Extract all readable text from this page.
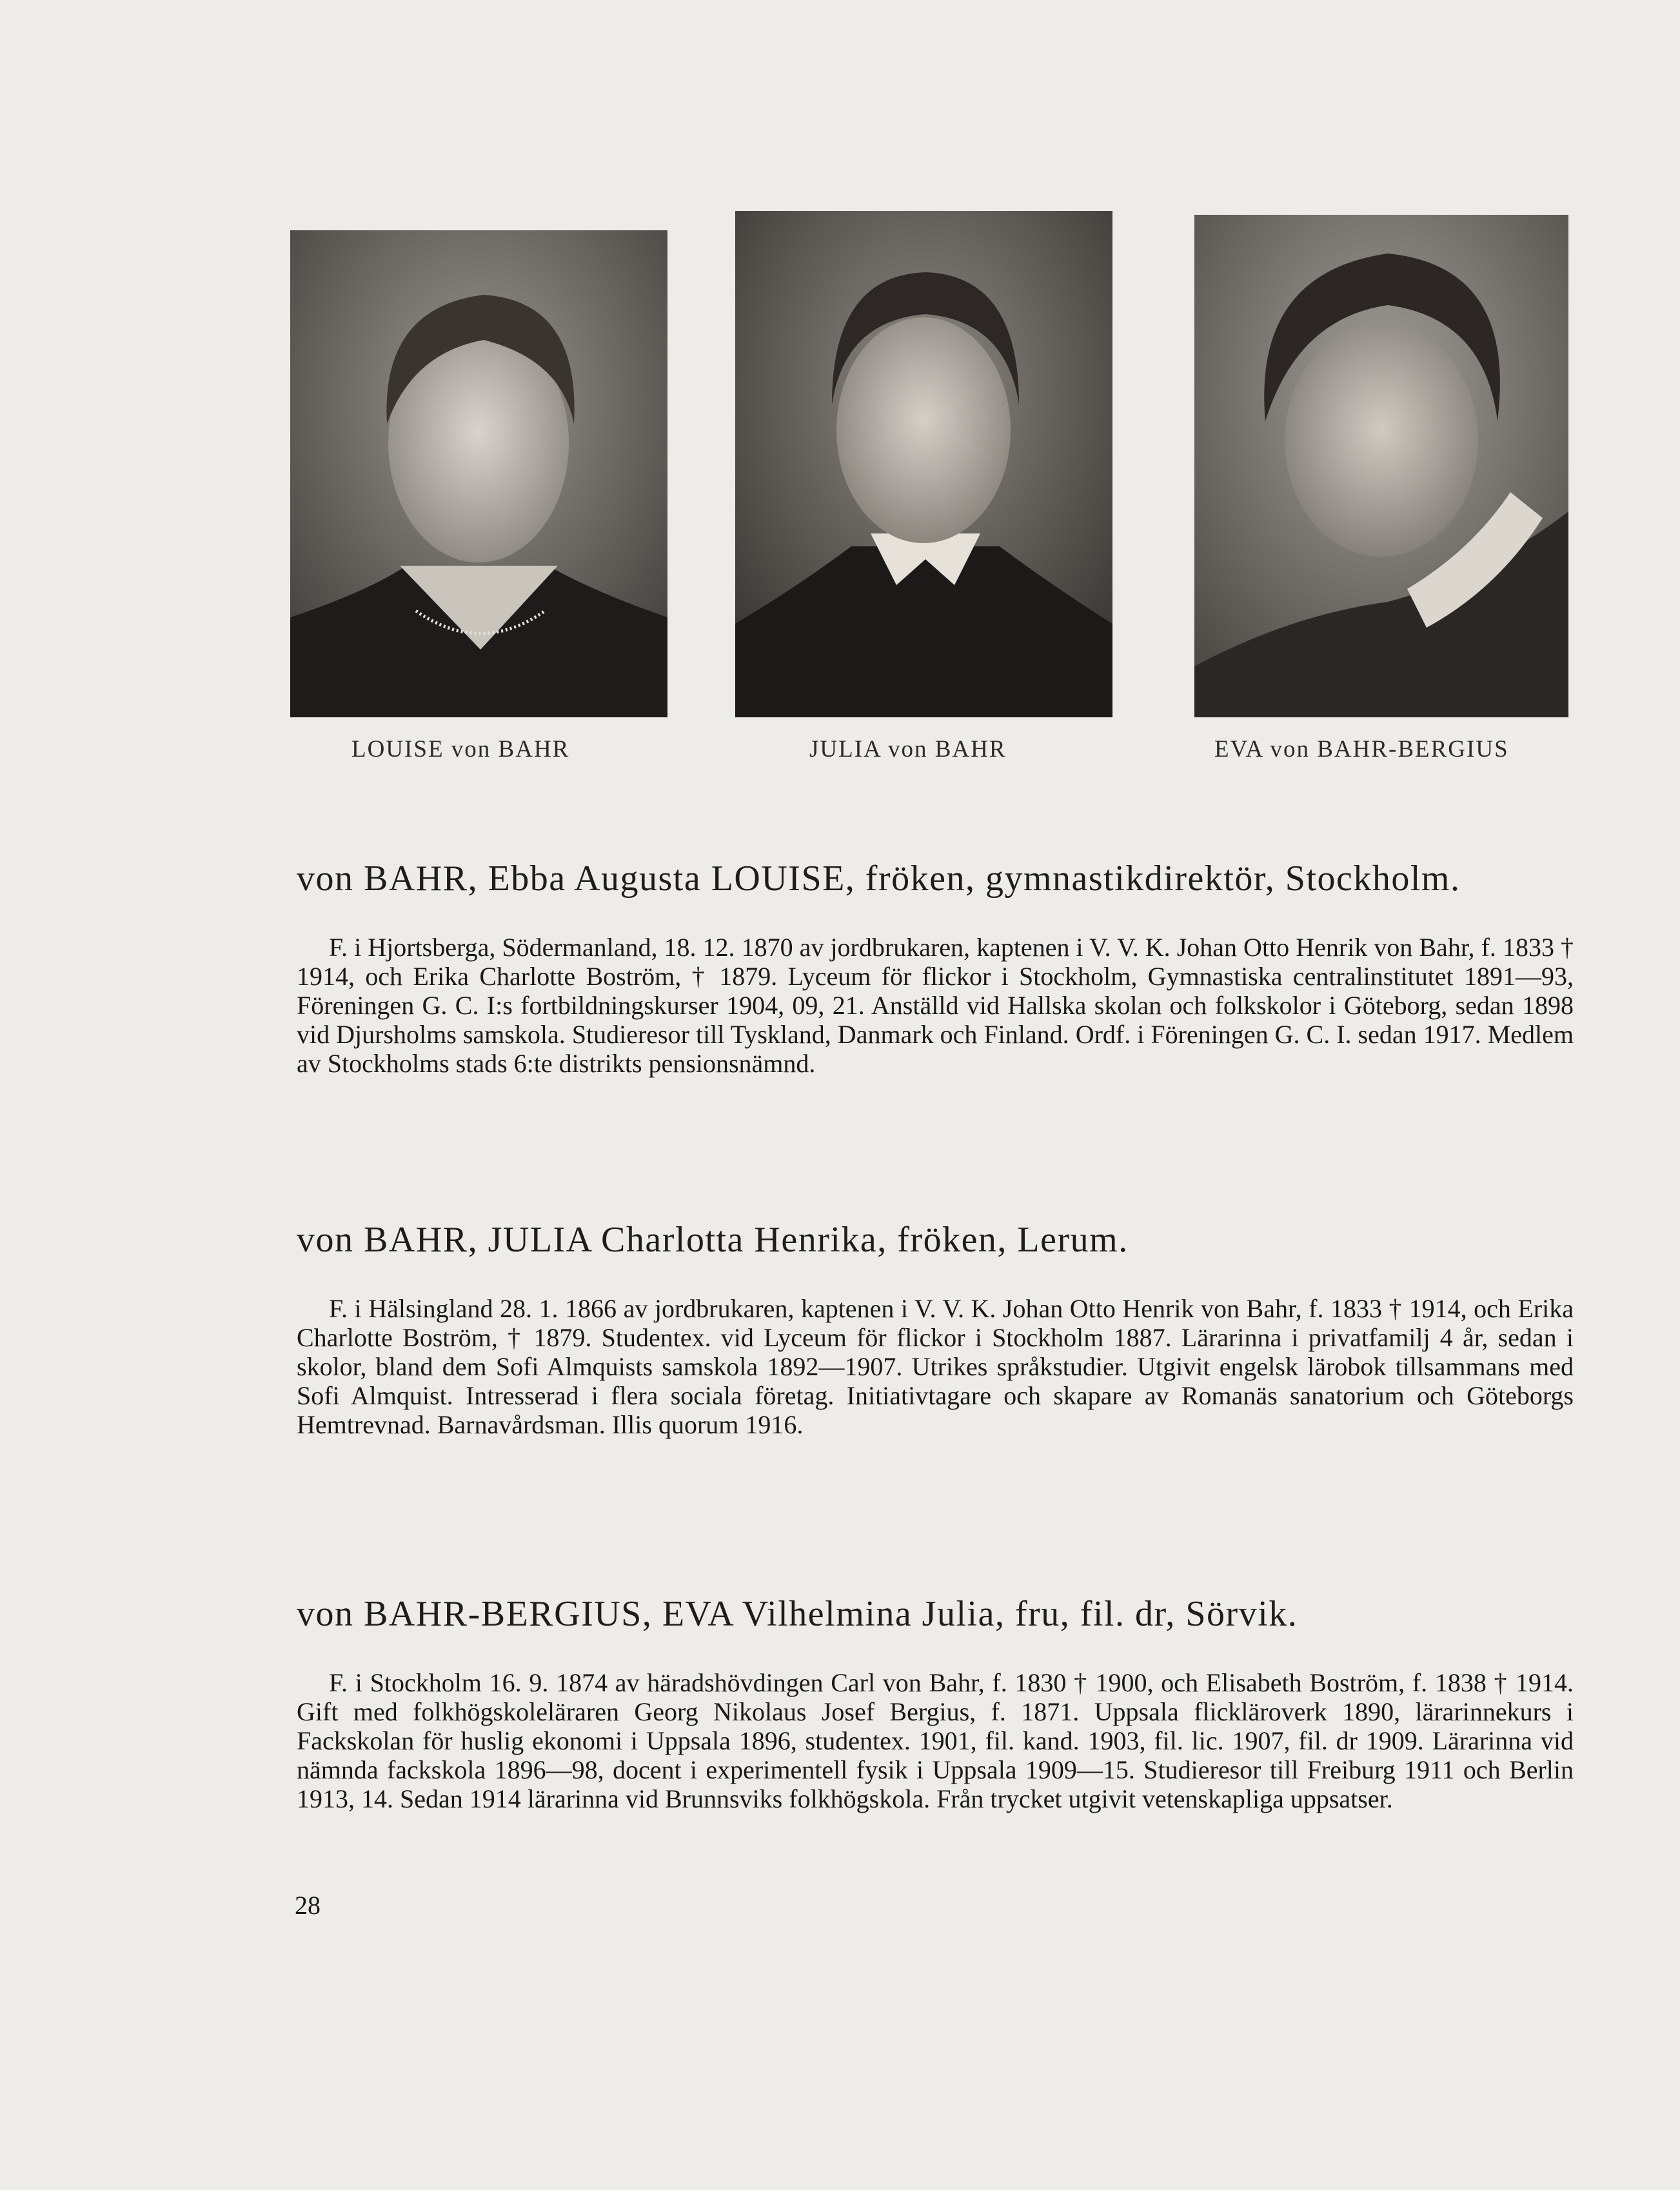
LOUISE von BAHR	JULIA von BAHR	EVA von BAHR-BERGIUS
von BAHR, Ebba Augusta LOUISE, fröken, gymnastikdirektör, Stockholm.

F. i Hjortsberga, Södermanland, 18. 12. 1870 av jordbrukaren, kaptenen i V. V. K. Johan Otto Henrik von Bahr, f. 1833 † 1914, och Erika Charlotte Boström, † 1879. Lyceum för flickor i Stockholm, Gymnastiska centralinstitutet 1891—93, Föreningen G. C. I:s fortbildningskurser 1904, 09, 21. Anställd vid Hallska skolan och folkskolor i Göteborg, sedan 1898 vid Djursholms samskola. Studieresor till Tyskland, Danmark och Finland. Ordf. i Föreningen G. C. I. sedan 1917. Medlem av Stockholms stads 6:te distrikts pensionsnämnd.

von BAHR, JULIA Charlotta Henrika, fröken, Lerum.

F. i Hälsingland 28. 1. 1866 av jordbrukaren, kaptenen i V. V. K. Johan Otto Henrik von Bahr, f. 1833 † 1914, och Erika Charlotte Boström, † 1879. Studentex. vid Lyceum för flickor i Stockholm 1887. Lärarinna i privatfamilj 4 år, sedan i skolor, bland dem Sofi Almquists samskola 1892—1907. Utrikes språkstudier. Utgivit engelsk lärobok tillsammans med Sofi Almquist. Intresserad i flera sociala företag. Initiativtagare och skapare av Romanäs sanatorium och Göteborgs Hemtrevnad. Barnavårdsman. Illis quorum 1916.

von BAHR-BERGIUS, EVA Vilhelmina Julia, fru, fil. dr, Sörvik.

F. i Stockholm 16. 9. 1874 av häradshövdingen Carl von Bahr, f. 1830 † 1900, och Elisabeth Boström, f. 1838 † 1914. Gift med folkhögskoleläraren Georg Nikolaus Josef Bergius, f. 1871. Uppsala flickläroverk 1890, lärarinnekurs i Fackskolan för huslig ekonomi i Uppsala 1896, studentex. 1901, fil. kand. 1903, fil. lic. 1907, fil. dr 1909. Lärarinna vid nämnda fackskola 1896—98, docent i experimentell fysik i Uppsala 1909—15. Studieresor till Freiburg 1911 och Berlin 1913, 14. Sedan 1914 lärarinna vid Brunnsviks folkhögskola. Från trycket utgivit vetenskapliga uppsatser.

28
